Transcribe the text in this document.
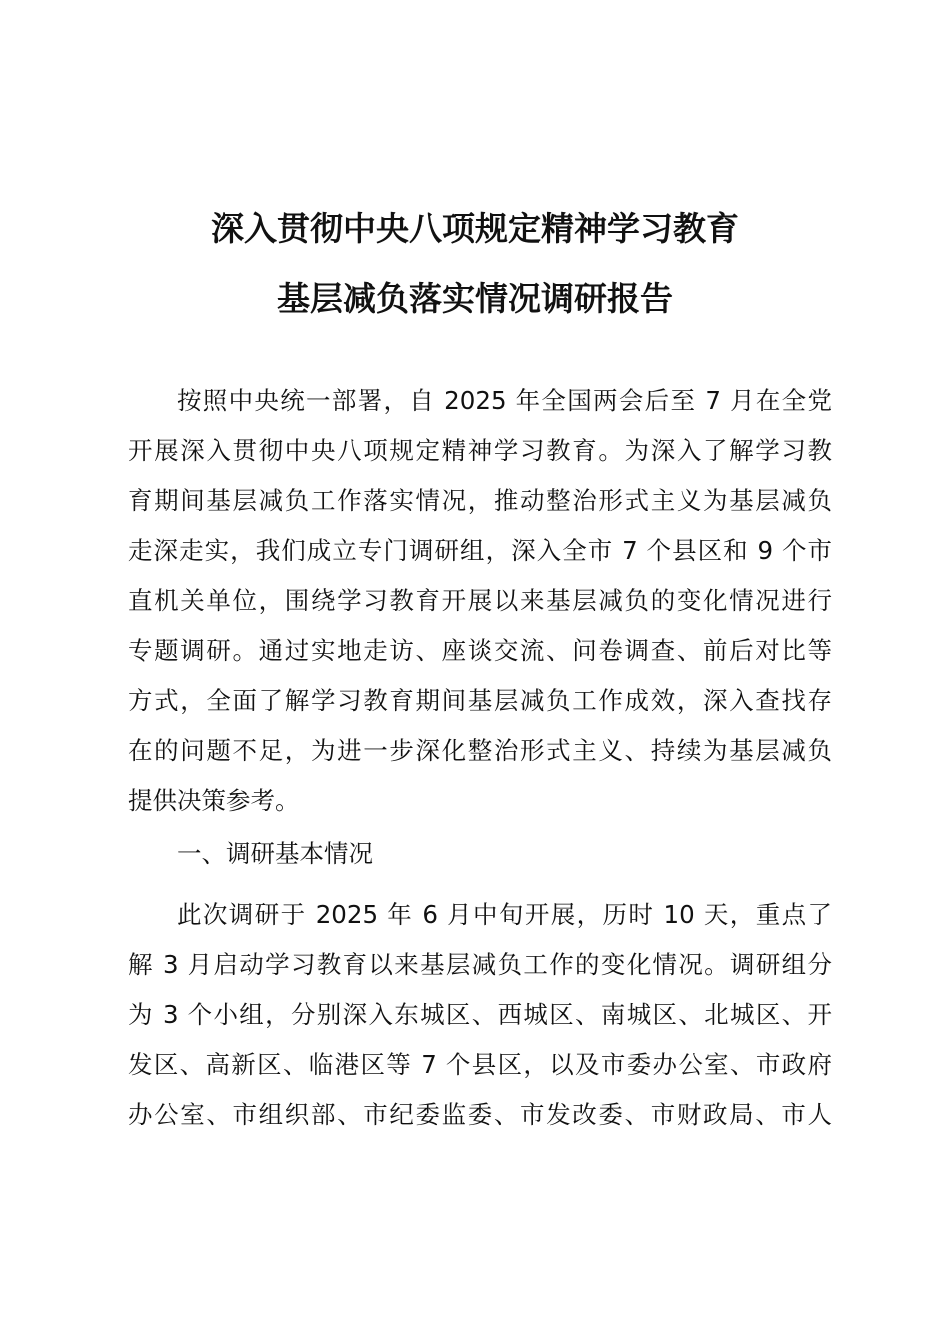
深入贯彻中央八项规定精神学习教育
基层减负落实情况调研报告

按照中央统一部署，自 2025 年全国两会后至 7 月在全党
开展深入贯彻中央八项规定精神学习教育。为深入了解学习教
育期间基层减负工作落实情况，推动整治形式主义为基层减负
走深走实，我们成立专门调研组，深入全市 7 个县区和 9 个市
直机关单位，围绕学习教育开展以来基层减负的变化情况进行
专题调研。通过实地走访、座谈交流、问卷调查、前后对比等
方式，全面了解学习教育期间基层减负工作成效，深入查找存
在的问题不足，为进一步深化整治形式主义、持续为基层减负
提供决策参考。

一、调研基本情况

此次调研于 2025 年 6 月中旬开展，历时 10 天，重点了
解 3 月启动学习教育以来基层减负工作的变化情况。调研组分
为 3 个小组，分别深入东城区、西城区、南城区、北城区、开
发区、高新区、临港区等 7 个县区，以及市委办公室、市政府
办公室、市组织部、市纪委监委、市发改委、市财政局、市人
